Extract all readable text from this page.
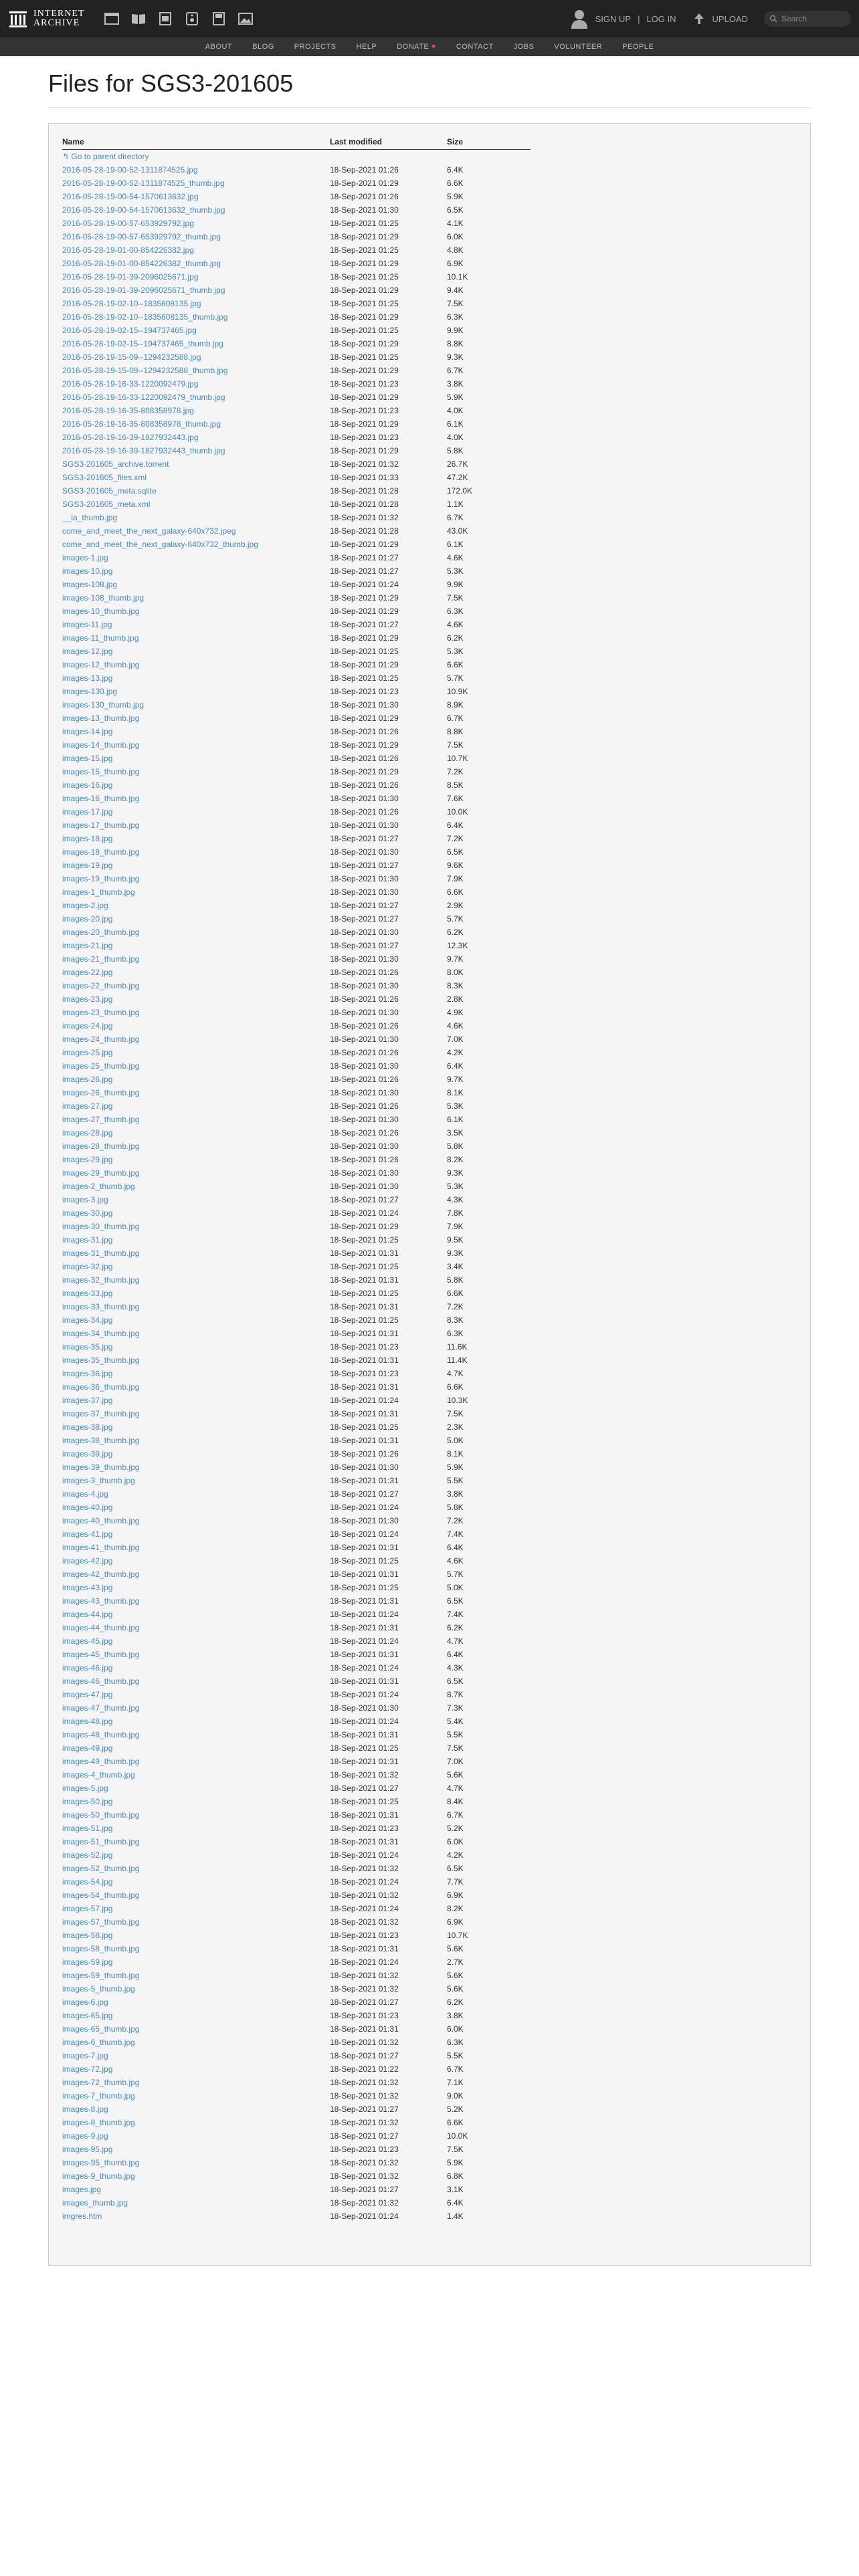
INTERNET
ARCHIVE	SIGN UP | LOG IN	UPLOAD	Search
ABOUT	BLOG	PROJECTS	HELP	DONATE ♥	CONTACT	JOBS	VOLUNTEER	PEOPLE
Files for SGS3-201605
Name	Last modified	Size
↰ Go to parent directory		
2016-05-28-19-00-52-1311874525.jpg	18-Sep-2021 01:26	6.4K
2016-05-28-19-00-52-1311874525_thumb.jpg	18-Sep-2021 01:29	6.6K
2016-05-28-19-00-54-1570613632.jpg	18-Sep-2021 01:26	5.9K
2016-05-28-19-00-54-1570613632_thumb.jpg	18-Sep-2021 01:30	6.5K
2016-05-28-19-00-57-653929792.jpg	18-Sep-2021 01:25	4.1K
2016-05-28-19-00-57-653929792_thumb.jpg	18-Sep-2021 01:29	6.0K
2016-05-28-19-01-00-854226382.jpg	18-Sep-2021 01:25	4.8K
2016-05-28-19-01-00-854226382_thumb.jpg	18-Sep-2021 01:29	6.9K
2016-05-28-19-01-39-2096025671.jpg	18-Sep-2021 01:25	10.1K
2016-05-28-19-01-39-2096025671_thumb.jpg	18-Sep-2021 01:29	9.4K
2016-05-28-19-02-10--1835608135.jpg	18-Sep-2021 01:25	7.5K
2016-05-28-19-02-10--1835608135_thumb.jpg	18-Sep-2021 01:29	6.3K
2016-05-28-19-02-15--194737465.jpg	18-Sep-2021 01:25	9.9K
2016-05-28-19-02-15--194737465_thumb.jpg	18-Sep-2021 01:29	8.8K
2016-05-28-19-15-09--1294232588.jpg	18-Sep-2021 01:25	9.3K
2016-05-28-19-15-09--1294232588_thumb.jpg	18-Sep-2021 01:29	6.7K
2016-05-28-19-16-33-1220092479.jpg	18-Sep-2021 01:23	3.8K
2016-05-28-19-16-33-1220092479_thumb.jpg	18-Sep-2021 01:29	5.9K
2016-05-28-19-16-35-808358978.jpg	18-Sep-2021 01:23	4.0K
2016-05-28-19-16-35-808358978_thumb.jpg	18-Sep-2021 01:29	6.1K
2016-05-28-19-16-39-1827932443.jpg	18-Sep-2021 01:23	4.0K
2016-05-28-19-16-39-1827932443_thumb.jpg	18-Sep-2021 01:29	5.8K
SGS3-201605_archive.torrent	18-Sep-2021 01:32	26.7K
SGS3-201605_files.xml	18-Sep-2021 01:33	47.2K
SGS3-201605_meta.sqlite	18-Sep-2021 01:28	172.0K
SGS3-201605_meta.xml	18-Sep-2021 01:28	1.1K
__ia_thumb.jpg	18-Sep-2021 01:32	6.7K
come_and_meet_the_next_galaxy-640x732.jpeg	18-Sep-2021 01:28	43.0K
come_and_meet_the_next_galaxy-640x732_thumb.jpg	18-Sep-2021 01:29	6.1K
images-1.jpg	18-Sep-2021 01:27	4.6K
images-10.jpg	18-Sep-2021 01:27	5.3K
images-108.jpg	18-Sep-2021 01:24	9.9K
images-108_thumb.jpg	18-Sep-2021 01:29	7.5K
images-10_thumb.jpg	18-Sep-2021 01:29	6.3K
images-11.jpg	18-Sep-2021 01:27	4.6K
images-11_thumb.jpg	18-Sep-2021 01:29	6.2K
images-12.jpg	18-Sep-2021 01:25	5.3K
images-12_thumb.jpg	18-Sep-2021 01:29	6.6K
images-13.jpg	18-Sep-2021 01:25	5.7K
images-130.jpg	18-Sep-2021 01:23	10.9K
images-130_thumb.jpg	18-Sep-2021 01:30	8.9K
images-13_thumb.jpg	18-Sep-2021 01:29	6.7K
images-14.jpg	18-Sep-2021 01:26	8.8K
images-14_thumb.jpg	18-Sep-2021 01:29	7.5K
images-15.jpg	18-Sep-2021 01:26	10.7K
images-15_thumb.jpg	18-Sep-2021 01:29	7.2K
images-16.jpg	18-Sep-2021 01:26	8.5K
images-16_thumb.jpg	18-Sep-2021 01:30	7.6K
images-17.jpg	18-Sep-2021 01:26	10.0K
images-17_thumb.jpg	18-Sep-2021 01:30	6.4K
images-18.jpg	18-Sep-2021 01:27	7.2K
images-18_thumb.jpg	18-Sep-2021 01:30	6.5K
images-19.jpg	18-Sep-2021 01:27	9.6K
images-19_thumb.jpg	18-Sep-2021 01:30	7.9K
images-1_thumb.jpg	18-Sep-2021 01:30	6.6K
images-2.jpg	18-Sep-2021 01:27	2.9K
images-20.jpg	18-Sep-2021 01:27	5.7K
images-20_thumb.jpg	18-Sep-2021 01:30	6.2K
images-21.jpg	18-Sep-2021 01:27	12.3K
images-21_thumb.jpg	18-Sep-2021 01:30	9.7K
images-22.jpg	18-Sep-2021 01:26	8.0K
images-22_thumb.jpg	18-Sep-2021 01:30	8.3K
images-23.jpg	18-Sep-2021 01:26	2.8K
images-23_thumb.jpg	18-Sep-2021 01:30	4.9K
images-24.jpg	18-Sep-2021 01:26	4.6K
images-24_thumb.jpg	18-Sep-2021 01:30	7.0K
images-25.jpg	18-Sep-2021 01:26	4.2K
images-25_thumb.jpg	18-Sep-2021 01:30	6.4K
images-26.jpg	18-Sep-2021 01:26	9.7K
images-26_thumb.jpg	18-Sep-2021 01:30	8.1K
images-27.jpg	18-Sep-2021 01:26	5.3K
images-27_thumb.jpg	18-Sep-2021 01:30	6.1K
images-28.jpg	18-Sep-2021 01:26	3.5K
images-28_thumb.jpg	18-Sep-2021 01:30	5.8K
images-29.jpg	18-Sep-2021 01:26	8.2K
images-29_thumb.jpg	18-Sep-2021 01:30	9.3K
images-2_thumb.jpg	18-Sep-2021 01:30	5.3K
images-3.jpg	18-Sep-2021 01:27	4.3K
images-30.jpg	18-Sep-2021 01:24	7.8K
images-30_thumb.jpg	18-Sep-2021 01:29	7.9K
images-31.jpg	18-Sep-2021 01:25	9.5K
images-31_thumb.jpg	18-Sep-2021 01:31	9.3K
images-32.jpg	18-Sep-2021 01:25	3.4K
images-32_thumb.jpg	18-Sep-2021 01:31	5.8K
images-33.jpg	18-Sep-2021 01:25	6.6K
images-33_thumb.jpg	18-Sep-2021 01:31	7.2K
images-34.jpg	18-Sep-2021 01:25	8.3K
images-34_thumb.jpg	18-Sep-2021 01:31	6.3K
images-35.jpg	18-Sep-2021 01:23	11.6K
images-35_thumb.jpg	18-Sep-2021 01:31	11.4K
images-36.jpg	18-Sep-2021 01:23	4.7K
images-36_thumb.jpg	18-Sep-2021 01:31	6.6K
images-37.jpg	18-Sep-2021 01:24	10.3K
images-37_thumb.jpg	18-Sep-2021 01:31	7.5K
images-38.jpg	18-Sep-2021 01:25	2.3K
images-38_thumb.jpg	18-Sep-2021 01:31	5.0K
images-39.jpg	18-Sep-2021 01:26	8.1K
images-39_thumb.jpg	18-Sep-2021 01:30	5.9K
images-3_thumb.jpg	18-Sep-2021 01:31	5.5K
images-4.jpg	18-Sep-2021 01:27	3.8K
images-40.jpg	18-Sep-2021 01:24	5.8K
images-40_thumb.jpg	18-Sep-2021 01:30	7.2K
images-41.jpg	18-Sep-2021 01:24	7.4K
images-41_thumb.jpg	18-Sep-2021 01:31	6.4K
images-42.jpg	18-Sep-2021 01:25	4.6K
images-42_thumb.jpg	18-Sep-2021 01:31	5.7K
images-43.jpg	18-Sep-2021 01:25	5.0K
images-43_thumb.jpg	18-Sep-2021 01:31	6.5K
images-44.jpg	18-Sep-2021 01:24	7.4K
images-44_thumb.jpg	18-Sep-2021 01:31	6.2K
images-45.jpg	18-Sep-2021 01:24	4.7K
images-45_thumb.jpg	18-Sep-2021 01:31	6.4K
images-46.jpg	18-Sep-2021 01:24	4.3K
images-46_thumb.jpg	18-Sep-2021 01:31	6.5K
images-47.jpg	18-Sep-2021 01:24	8.7K
images-47_thumb.jpg	18-Sep-2021 01:30	7.3K
images-48.jpg	18-Sep-2021 01:24	5.4K
images-48_thumb.jpg	18-Sep-2021 01:31	5.5K
images-49.jpg	18-Sep-2021 01:25	7.5K
images-49_thumb.jpg	18-Sep-2021 01:31	7.0K
images-4_thumb.jpg	18-Sep-2021 01:32	5.6K
images-5.jpg	18-Sep-2021 01:27	4.7K
images-50.jpg	18-Sep-2021 01:25	8.4K
images-50_thumb.jpg	18-Sep-2021 01:31	6.7K
images-51.jpg	18-Sep-2021 01:23	5.2K
images-51_thumb.jpg	18-Sep-2021 01:31	6.0K
images-52.jpg	18-Sep-2021 01:24	4.2K
images-52_thumb.jpg	18-Sep-2021 01:32	6.5K
images-54.jpg	18-Sep-2021 01:24	7.7K
images-54_thumb.jpg	18-Sep-2021 01:32	6.9K
images-57.jpg	18-Sep-2021 01:24	8.2K
images-57_thumb.jpg	18-Sep-2021 01:32	6.9K
images-58.jpg	18-Sep-2021 01:23	10.7K
images-58_thumb.jpg	18-Sep-2021 01:31	5.6K
images-59.jpg	18-Sep-2021 01:24	2.7K
images-59_thumb.jpg	18-Sep-2021 01:32	5.6K
images-5_thumb.jpg	18-Sep-2021 01:32	5.6K
images-6.jpg	18-Sep-2021 01:27	6.2K
images-65.jpg	18-Sep-2021 01:23	3.8K
images-65_thumb.jpg	18-Sep-2021 01:31	6.0K
images-6_thumb.jpg	18-Sep-2021 01:32	6.3K
images-7.jpg	18-Sep-2021 01:27	5.5K
images-72.jpg	18-Sep-2021 01:22	6.7K
images-72_thumb.jpg	18-Sep-2021 01:32	7.1K
images-7_thumb.jpg	18-Sep-2021 01:32	9.0K
images-8.jpg	18-Sep-2021 01:27	5.2K
images-8_thumb.jpg	18-Sep-2021 01:32	6.6K
images-9.jpg	18-Sep-2021 01:27	10.0K
images-95.jpg	18-Sep-2021 01:23	7.5K
images-95_thumb.jpg	18-Sep-2021 01:32	5.9K
images-9_thumb.jpg	18-Sep-2021 01:32	6.8K
images.jpg	18-Sep-2021 01:27	3.1K
images_thumb.jpg	18-Sep-2021 01:32	6.4K
imgres.htm	18-Sep-2021 01:24	1.4K
